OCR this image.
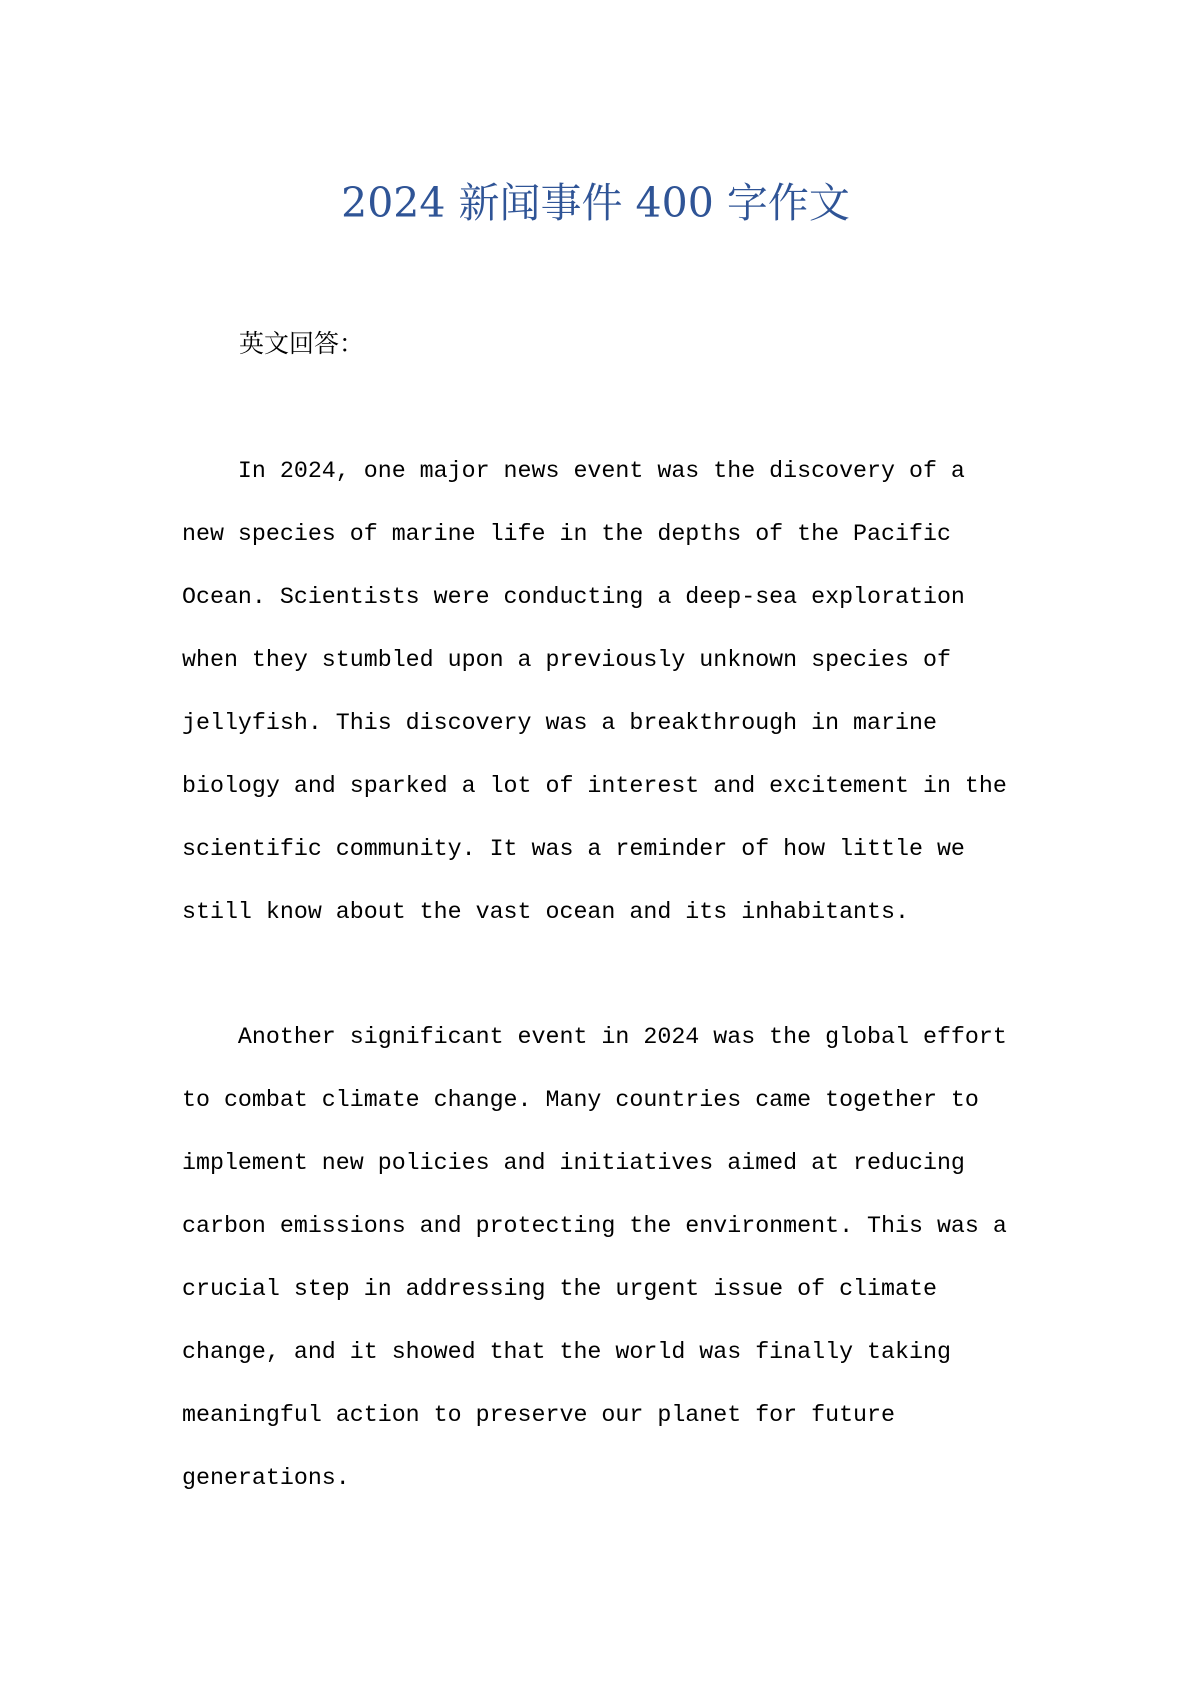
2024 新闻事件 400 字作文
英文回答：
In 2024, one major news event was the discovery of a
new species of marine life in the depths of the Pacific
Ocean. Scientists were conducting a deep-sea exploration
when they stumbled upon a previously unknown species of
jellyfish. This discovery was a breakthrough in marine
biology and sparked a lot of interest and excitement in the
scientific community. It was a reminder of how little we
still know about the vast ocean and its inhabitants.
Another significant event in 2024 was the global effort
to combat climate change. Many countries came together to
implement new policies and initiatives aimed at reducing
carbon emissions and protecting the environment. This was a
crucial step in addressing the urgent issue of climate
change, and it showed that the world was finally taking
meaningful action to preserve our planet for future
generations.
